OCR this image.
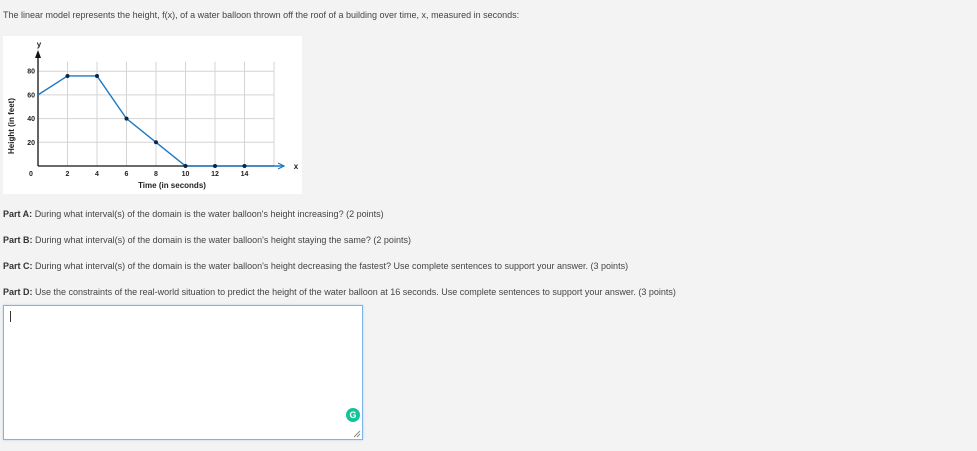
The linear model represents the height, f(x), of a water balloon thrown off the roof of a building over time, x, measured in seconds:
2	4	6	8	10	12	14
20
40
60
80
Height (in feet)
Time (in seconds)
y
x
0
Part A: During what interval(s) of the domain is the water balloon's height increasing? (2 points)
Part B: During what interval(s) of the domain is the water balloon's height staying the same? (2 points)
Part C: During what interval(s) of the domain is the water balloon's height decreasing the fastest? Use complete sentences to support your answer. (3 points)
Part D: Use the constraints of the real-world situation to predict the height of the water balloon at 16 seconds. Use complete sentences to support your answer. (3 points)
G
